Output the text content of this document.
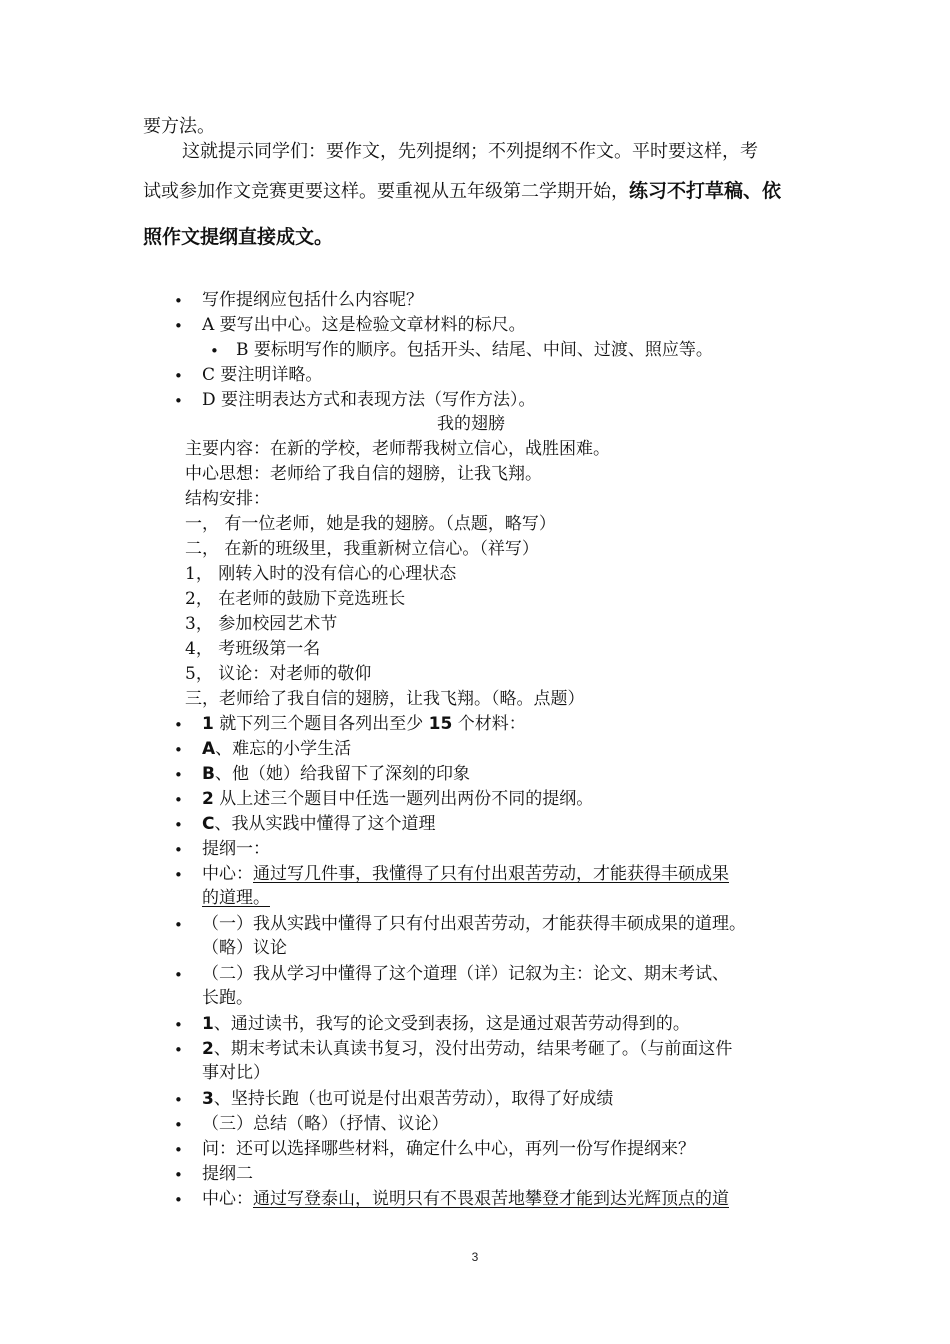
要方法。
这就提示同学们：要作文，先列提纲；不列提纲不作文。平时要这样，考
试或参加作文竞赛更要这样。要重视从五年级第二学期开始，练习不打草稿、依
照作文提纲直接成文。
• 写作提纲应包括什么内容呢？
• A 要写出中心。这是检验文章材料的标尺。
• B 要标明写作的顺序。包括开头、结尾、中间、过渡、照应等。
• C 要注明详略。
• D 要注明表达方式和表现方法（写作方法）。
我的翅膀
主要内容：在新的学校，老师帮我树立信心，战胜困难。
中心思想：老师给了我自信的翅膀，让我飞翔。
结构安排：
一， 有一位老师，她是我的翅膀。（点题，略写）
二， 在新的班级里，我重新树立信心。（祥写）
1， 刚转入时的没有信心的心理状态
2， 在老师的鼓励下竞选班长
3， 参加校园艺术节
4， 考班级第一名
5， 议论：对老师的敬仰
三，老师给了我自信的翅膀，让我飞翔。（略。点题）
• 1 就下列三个题目各列出至少 15 个材料：
• A、难忘的小学生活
• B、他（她）给我留下了深刻的印象
• 2 从上述三个题目中任选一题列出两份不同的提纲。
• C、我从实践中懂得了这个道理
• 提纲一：
• 中心：通过写几件事，我懂得了只有付出艰苦劳动，才能获得丰硕成果
的道理。
• （一）我从实践中懂得了只有付出艰苦劳动，才能获得丰硕成果的道理。
（略）议论
• （二）我从学习中懂得了这个道理（详）记叙为主：论文、期末考试、
长跑。
• 1、通过读书，我写的论文受到表扬，这是通过艰苦劳动得到的。
• 2、期末考试未认真读书复习，没付出劳动，结果考砸了。（与前面这件
事对比）
• 3、坚持长跑（也可说是付出艰苦劳动），取得了好成绩
• （三）总结（略）（抒情、议论）
• 问：还可以选择哪些材料，确定什么中心，再列一份写作提纲来？
• 提纲二
• 中心：通过写登泰山，说明只有不畏艰苦地攀登才能到达光辉顶点的道
3
